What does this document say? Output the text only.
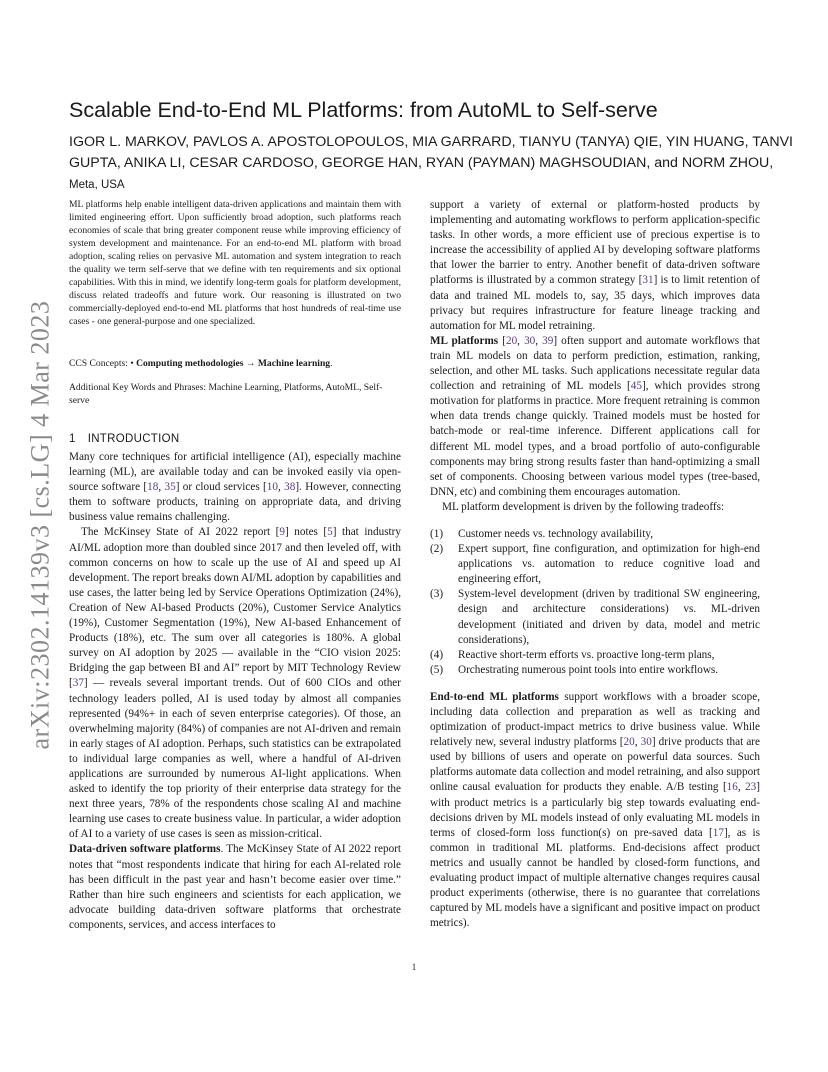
arXiv:2302.14139v3 [cs.LG] 4 Mar 2023
Scalable End-to-End ML Platforms: from AutoML to Self-serve
IGOR L. MARKOV, PAVLOS A. APOSTOLOPOULOS, MIA GARRARD, TIANYU (TANYA) QIE, YIN HUANG, TANVI GUPTA, ANIKA LI, CESAR CARDOSO, GEORGE HAN, RYAN (PAYMAN) MAGHSOUDIAN, and NORM ZHOU, Meta, USA

ML platforms help enable intelligent data-driven applications and maintain them with limited engineering effort. Upon sufficiently broad adoption, such platforms reach economies of scale that bring greater component reuse while improving efficiency of system development and maintenance. For an end-to-end ML platform with broad adoption, scaling relies on pervasive ML automation and system integration to reach the quality we term self-serve that we define with ten requirements and six optional capabilities. With this in mind, we identify long-term goals for platform development, discuss related tradeoffs and future work. Our reasoning is illustrated on two commercially-deployed end-to-end ML platforms that host hundreds of real-time use cases - one general-purpose and one specialized.

CCS Concepts: • Computing methodologies → Machine learning.
Additional Key Words and Phrases: Machine Learning, Platforms, AutoML, Self-serve
1 INTRODUCTION

Many core techniques for artificial intelligence (AI), especially machine learning (ML), are available today and can be invoked easily via open-source software [18, 35] or cloud services [10, 38]. However, connecting them to software products, training on appropriate data, and driving business value remains challenging.

The McKinsey State of AI 2022 report [9] notes [5] that industry AI/ML adoption more than doubled since 2017 and then leveled off, with common concerns on how to scale up the use of AI and speed up AI development. The report breaks down AI/ML adoption by capabilities and use cases, the latter being led by Service Operations Optimization (24%), Creation of New AI-based Products (20%), Customer Service Analytics (19%), Customer Segmentation (19%), New AI-based Enhancement of Products (18%), etc. The sum over all categories is 180%. A global survey on AI adoption by 2025 — available in the “CIO vision 2025: Bridging the gap between BI and AI” report by MIT Technology Review [37] — reveals several important trends. Out of 600 CIOs and other technology leaders polled, AI is used today by almost all companies represented (94%+ in each of seven enterprise categories). Of those, an overwhelming majority (84%) of companies are not AI-driven and remain in early stages of AI adoption. Perhaps, such statistics can be extrapolated to individual large companies as well, where a handful of AI-driven applications are surrounded by numerous AI-light applications. When asked to identify the top priority of their enterprise data strategy for the next three years, 78% of the respondents chose scaling AI and machine learning use cases to create business value. In particular, a wider adoption of AI to a variety of use cases is seen as mission-critical.

Data-driven software platforms. The McKinsey State of AI 2022 report notes that “most respondents indicate that hiring for each AI-related role has been difficult in the past year and hasn’t become easier over time.” Rather than hire such engineers and scientists for each application, we advocate building data-driven software platforms that orchestrate components, services, and access interfaces to

support a variety of external or platform-hosted products by implementing and automating workflows to perform application-specific tasks. In other words, a more efficient use of precious expertise is to increase the accessibility of applied AI by developing software platforms that lower the barrier to entry. Another benefit of data-driven software platforms is illustrated by a common strategy [31] is to limit retention of data and trained ML models to, say, 35 days, which improves data privacy but requires infrastructure for feature lineage tracking and automation for ML model retraining.

ML platforms [20, 30, 39] often support and automate workflows that train ML models on data to perform prediction, estimation, ranking, selection, and other ML tasks. Such applications necessitate regular data collection and retraining of ML models [45], which provides strong motivation for platforms in practice. More frequent retraining is common when data trends change quickly. Trained models must be hosted for batch-mode or real-time inference. Different applications call for different ML model types, and a broad portfolio of auto-configurable components may bring strong results faster than hand-optimizing a small set of components. Choosing between various model types (tree-based, DNN, etc) and combining them encourages automation.

ML platform development is driven by the following tradeoffs:

(1) Customer needs vs. technology availability,
(2) Expert support, fine configuration, and optimization for high-end applications vs. automation to reduce cognitive load and engineering effort,
(3) System-level development (driven by traditional SW engineering, design and architecture considerations) vs. ML-driven development (initiated and driven by data, model and metric considerations),
(4) Reactive short-term efforts vs. proactive long-term plans,
(5) Orchestrating numerous point tools into entire workflows.

End-to-end ML platforms support workflows with a broader scope, including data collection and preparation as well as tracking and optimization of product-impact metrics to drive business value. While relatively new, several industry platforms [20, 30] drive products that are used by billions of users and operate on powerful data sources. Such platforms automate data collection and model retraining, and also support online causal evaluation for products they enable. A/B testing [16, 23] with product metrics is a particularly big step towards evaluating end-decisions driven by ML models instead of only evaluating ML models in terms of closed-form loss function(s) on pre-saved data [17], as is common in traditional ML platforms. End-decisions affect product metrics and usually cannot be handled by closed-form functions, and evaluating product impact of multiple alternative changes requires causal product experiments (otherwise, there is no guarantee that correlations captured by ML models have a significant and positive impact on product metrics).

1
